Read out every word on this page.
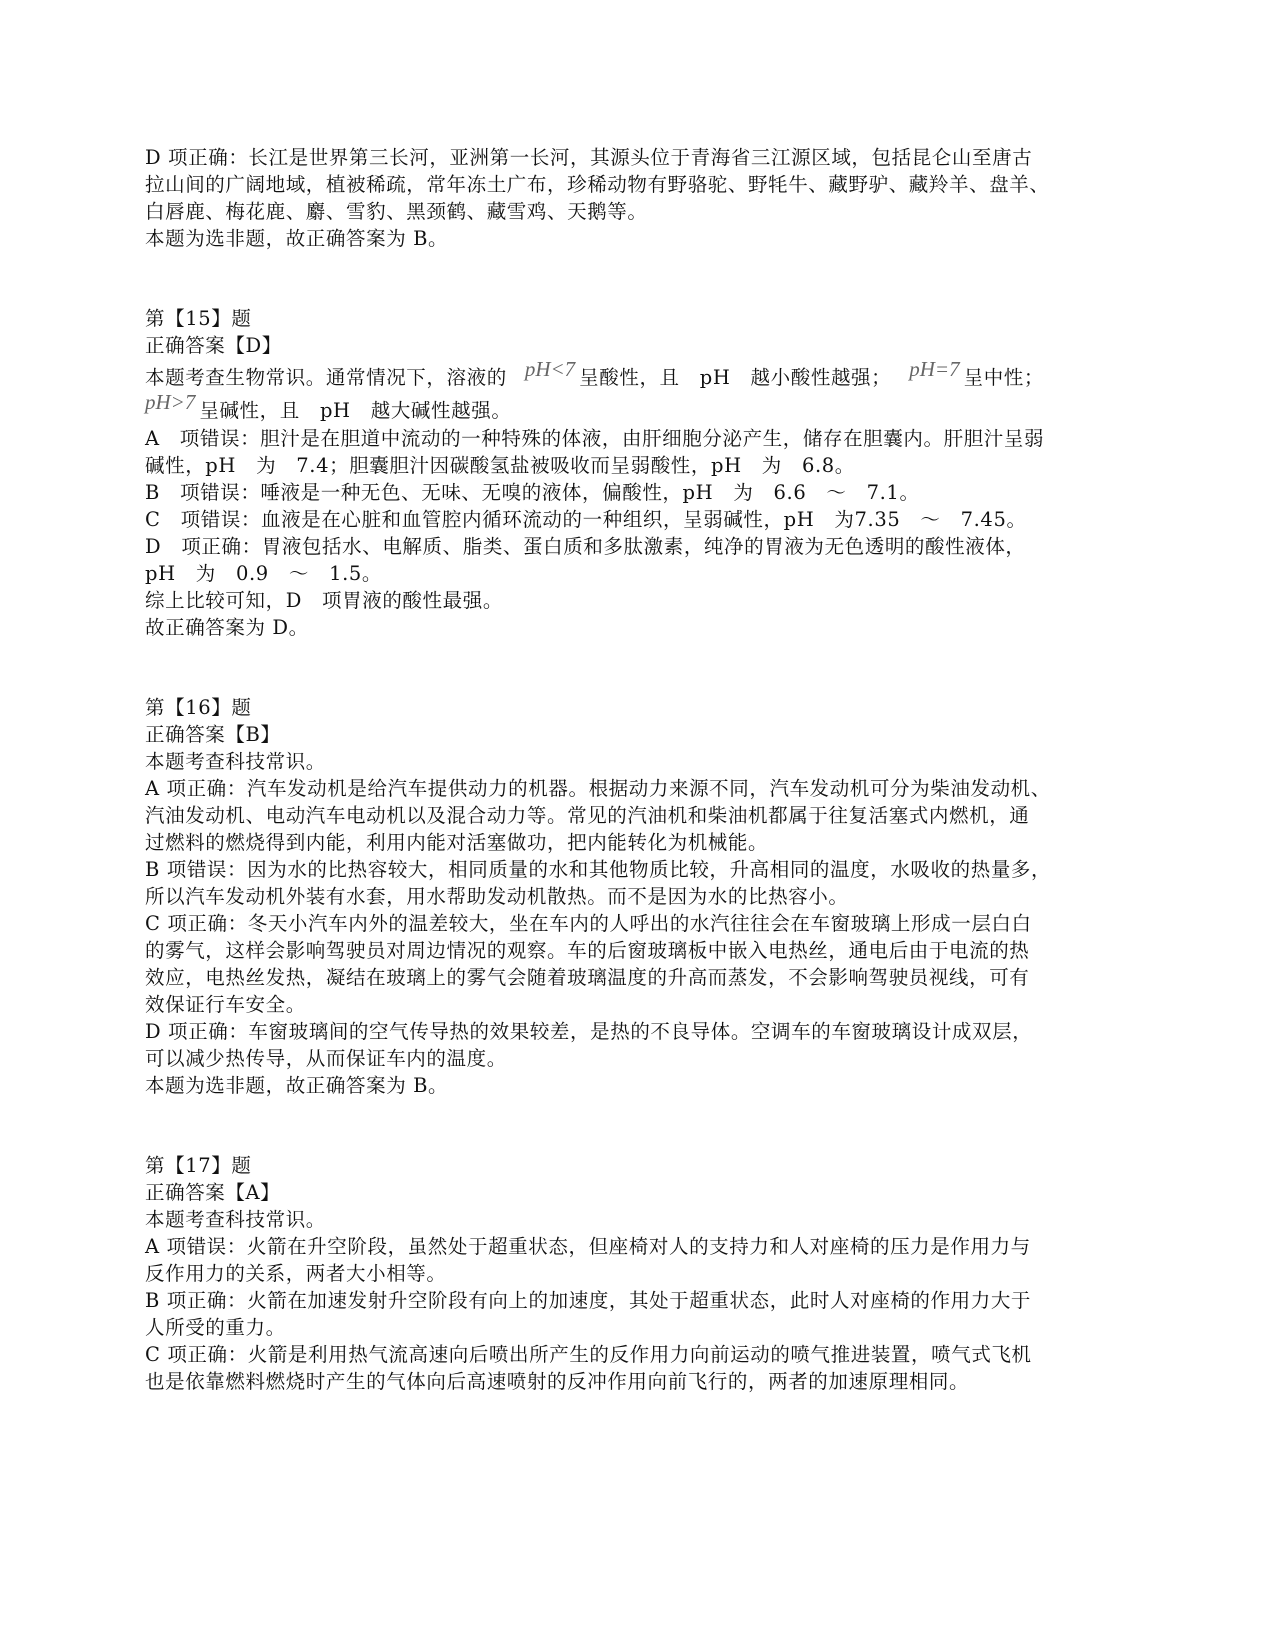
D 项正确：长江是世界第三长河，亚洲第一长河，其源头位于青海省三江源区域，包括昆仑山至唐古
拉山间的广阔地域，植被稀疏，常年冻土广布，珍稀动物有野骆驼、野牦牛、藏野驴、藏羚羊、盘羊、
白唇鹿、梅花鹿、麝、雪豹、黑颈鹤、藏雪鸡、天鹅等。
本题为选非题，故正确答案为 B。
第【15】题
正确答案【D】
本题考查生物常识。通常情况下，溶液的 pH<7 呈酸性，且　pH　越小酸性越强； pH=7 呈中性；
pH>7 呈碱性，且　pH　越大碱性越强。
A　项错误：胆汁是在胆道中流动的一种特殊的体液，由肝细胞分泌产生，储存在胆囊内。肝胆汁呈弱
碱性，pH　为　7.4；胆囊胆汁因碳酸氢盐被吸收而呈弱酸性，pH　为　6.8。
B　项错误：唾液是一种无色、无味、无嗅的液体，偏酸性，pH　为　6.6　～　7.1。
C　项错误：血液是在心脏和血管腔内循环流动的一种组织，呈弱碱性，pH　为7.35　～　7.45。
D　项正确：胃液包括水、电解质、脂类、蛋白质和多肽激素，纯净的胃液为无色透明的酸性液体，
pH　为　0.9　～　1.5。
综上比较可知，D　项胃液的酸性最强。
故正确答案为 D。
第【16】题
正确答案【B】
本题考查科技常识。
A 项正确：汽车发动机是给汽车提供动力的机器。根据动力来源不同，汽车发动机可分为柴油发动机、
汽油发动机、电动汽车电动机以及混合动力等。常见的汽油机和柴油机都属于往复活塞式内燃机，通
过燃料的燃烧得到内能，利用内能对活塞做功，把内能转化为机械能。
B 项错误：因为水的比热容较大，相同质量的水和其他物质比较，升高相同的温度，水吸收的热量多，
所以汽车发动机外装有水套，用水帮助发动机散热。而不是因为水的比热容小。
C 项正确：冬天小汽车内外的温差较大，坐在车内的人呼出的水汽往往会在车窗玻璃上形成一层白白
的雾气，这样会影响驾驶员对周边情况的观察。车的后窗玻璃板中嵌入电热丝，通电后由于电流的热
效应，电热丝发热，凝结在玻璃上的雾气会随着玻璃温度的升高而蒸发，不会影响驾驶员视线，可有
效保证行车安全。
D 项正确：车窗玻璃间的空气传导热的效果较差，是热的不良导体。空调车的车窗玻璃设计成双层，
可以减少热传导，从而保证车内的温度。
本题为选非题，故正确答案为 B。
第【17】题
正确答案【A】
本题考查科技常识。
A 项错误：火箭在升空阶段，虽然处于超重状态，但座椅对人的支持力和人对座椅的压力是作用力与
反作用力的关系，两者大小相等。
B 项正确：火箭在加速发射升空阶段有向上的加速度，其处于超重状态，此时人对座椅的作用力大于
人所受的重力。
C 项正确：火箭是利用热气流高速向后喷出所产生的反作用力向前运动的喷气推进装置，喷气式飞机
也是依靠燃料燃烧时产生的气体向后高速喷射的反冲作用向前飞行的，两者的加速原理相同。
